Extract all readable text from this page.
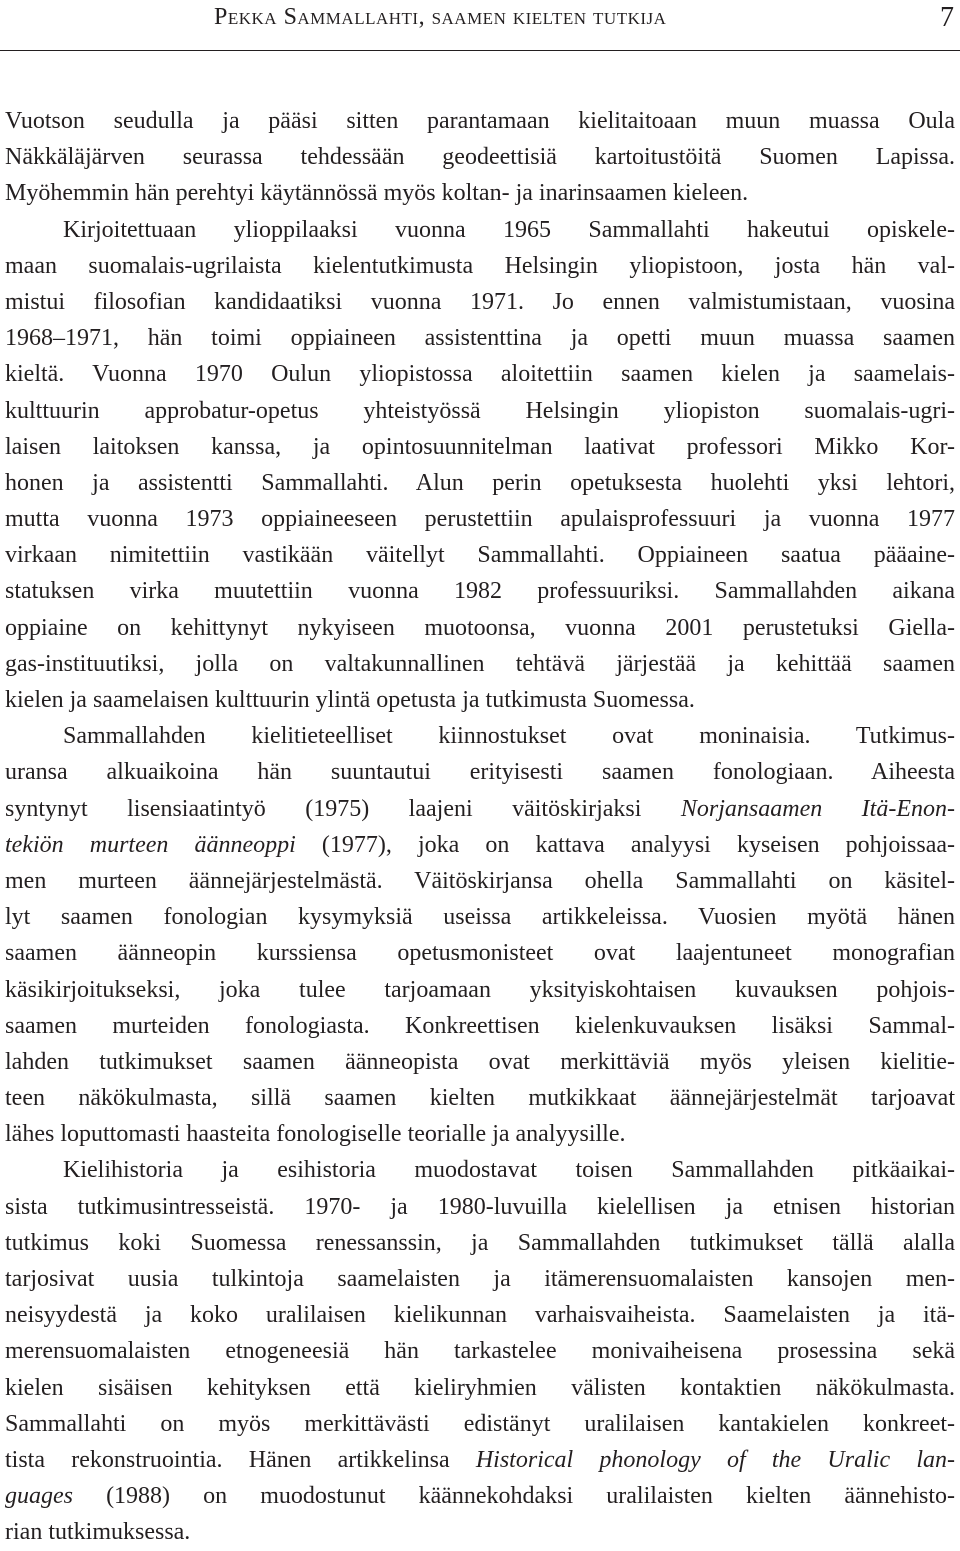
Pekka Sammallahti, saamen kielten tutkija	7
Vuotson seudulla ja pääsi sitten parantamaan kielitaitoaan muun muassa Oula
Näkkäläjärven seurassa tehdessään geodeettisiä kartoitustöitä Suomen Lapissa.
Myöhemmin hän perehtyi käytännössä myös koltan- ja inarinsaamen kieleen.
Kirjoitettuaan ylioppilaaksi vuonna 1965 Sammallahti hakeutui opiskele-
maan suomalais-ugrilaista kielentutkimusta Helsingin yliopistoon, josta hän val-
mistui filosofian kandidaatiksi vuonna 1971. Jo ennen valmistumistaan, vuosina
1968–1971, hän toimi oppiaineen assistenttina ja opetti muun muassa saamen
kieltä. Vuonna 1970 Oulun yliopistossa aloitettiin saamen kielen ja saamelais-
kulttuurin approbatur-opetus yhteistyössä Helsingin yliopiston suomalais-ugri-
laisen laitoksen kanssa, ja opintosuunnitelman laativat professori Mikko Kor-
honen ja assistentti Sammallahti. Alun perin opetuksesta huolehti yksi lehtori,
mutta vuonna 1973 oppiaineeseen perustettiin apulaisprofessuuri ja vuonna 1977
virkaan nimitettiin vastikään väitellyt Sammallahti. Oppiaineen saatua pääaine-
statuksen virka muutettiin vuonna 1982 professuuriksi. Sammallahden aikana
oppiaine on kehittynyt nykyiseen muotoonsa, vuonna 2001 perustetuksi Giella-
gas-instituutiksi, jolla on valtakunnallinen tehtävä järjestää ja kehittää saamen
kielen ja saamelaisen kulttuurin ylintä opetusta ja tutkimusta Suomessa.
Sammallahden kielitieteelliset kiinnostukset ovat moninaisia. Tutkimus-
uransa alkuaikoina hän suuntautui erityisesti saamen fonologiaan. Aiheesta
syntynyt lisensiaatintyö (1975) laajeni väitöskirjaksi Norjansaamen Itä-Enon-
tekiön murteen äänneoppi (1977), joka on kattava analyysi kyseisen pohjoissaa-
men murteen äännejärjestelmästä. Väitöskirjansa ohella Sammallahti on käsitel-
lyt saamen fonologian kysymyksiä useissa artikkeleissa. Vuosien myötä hänen
saamen äänneopin kurssiensa opetusmonisteet ovat laajentuneet monografian
käsikirjoitukseksi, joka tulee tarjoamaan yksityiskohtaisen kuvauksen pohjois-
saamen murteiden fonologiasta. Konkreettisen kielenkuvauksen lisäksi Sammal-
lahden tutkimukset saamen äänneopista ovat merkittäviä myös yleisen kielitie-
teen näkökulmasta, sillä saamen kielten mutkikkaat äännejärjestelmät tarjoavat
lähes loputtomasti haasteita fonologiselle teorialle ja analyysille.
Kielihistoria ja esihistoria muodostavat toisen Sammallahden pitkäaikai-
sista tutkimusintresseistä. 1970- ja 1980-luvuilla kielellisen ja etnisen historian
tutkimus koki Suomessa renessanssin, ja Sammallahden tutkimukset tällä alalla
tarjosivat uusia tulkintoja saamelaisten ja itämerensuomalaisten kansojen men-
neisyydestä ja koko uralilaisen kielikunnan varhaisvaiheista. Saamelaisten ja itä-
merensuomalaisten etnogeneesiä hän tarkastelee monivaiheisena prosessina sekä
kielen sisäisen kehityksen että kieliryhmien välisten kontaktien näkökulmasta.
Sammallahti on myös merkittävästi edistänyt uralilaisen kantakielen konkreet-
tista rekonstruointia. Hänen artikkelinsa Historical phonology of the Uralic lan-
guages (1988) on muodostunut käännekohdaksi uralilaisten kielten äännehisto-
rian tutkimuksessa.
